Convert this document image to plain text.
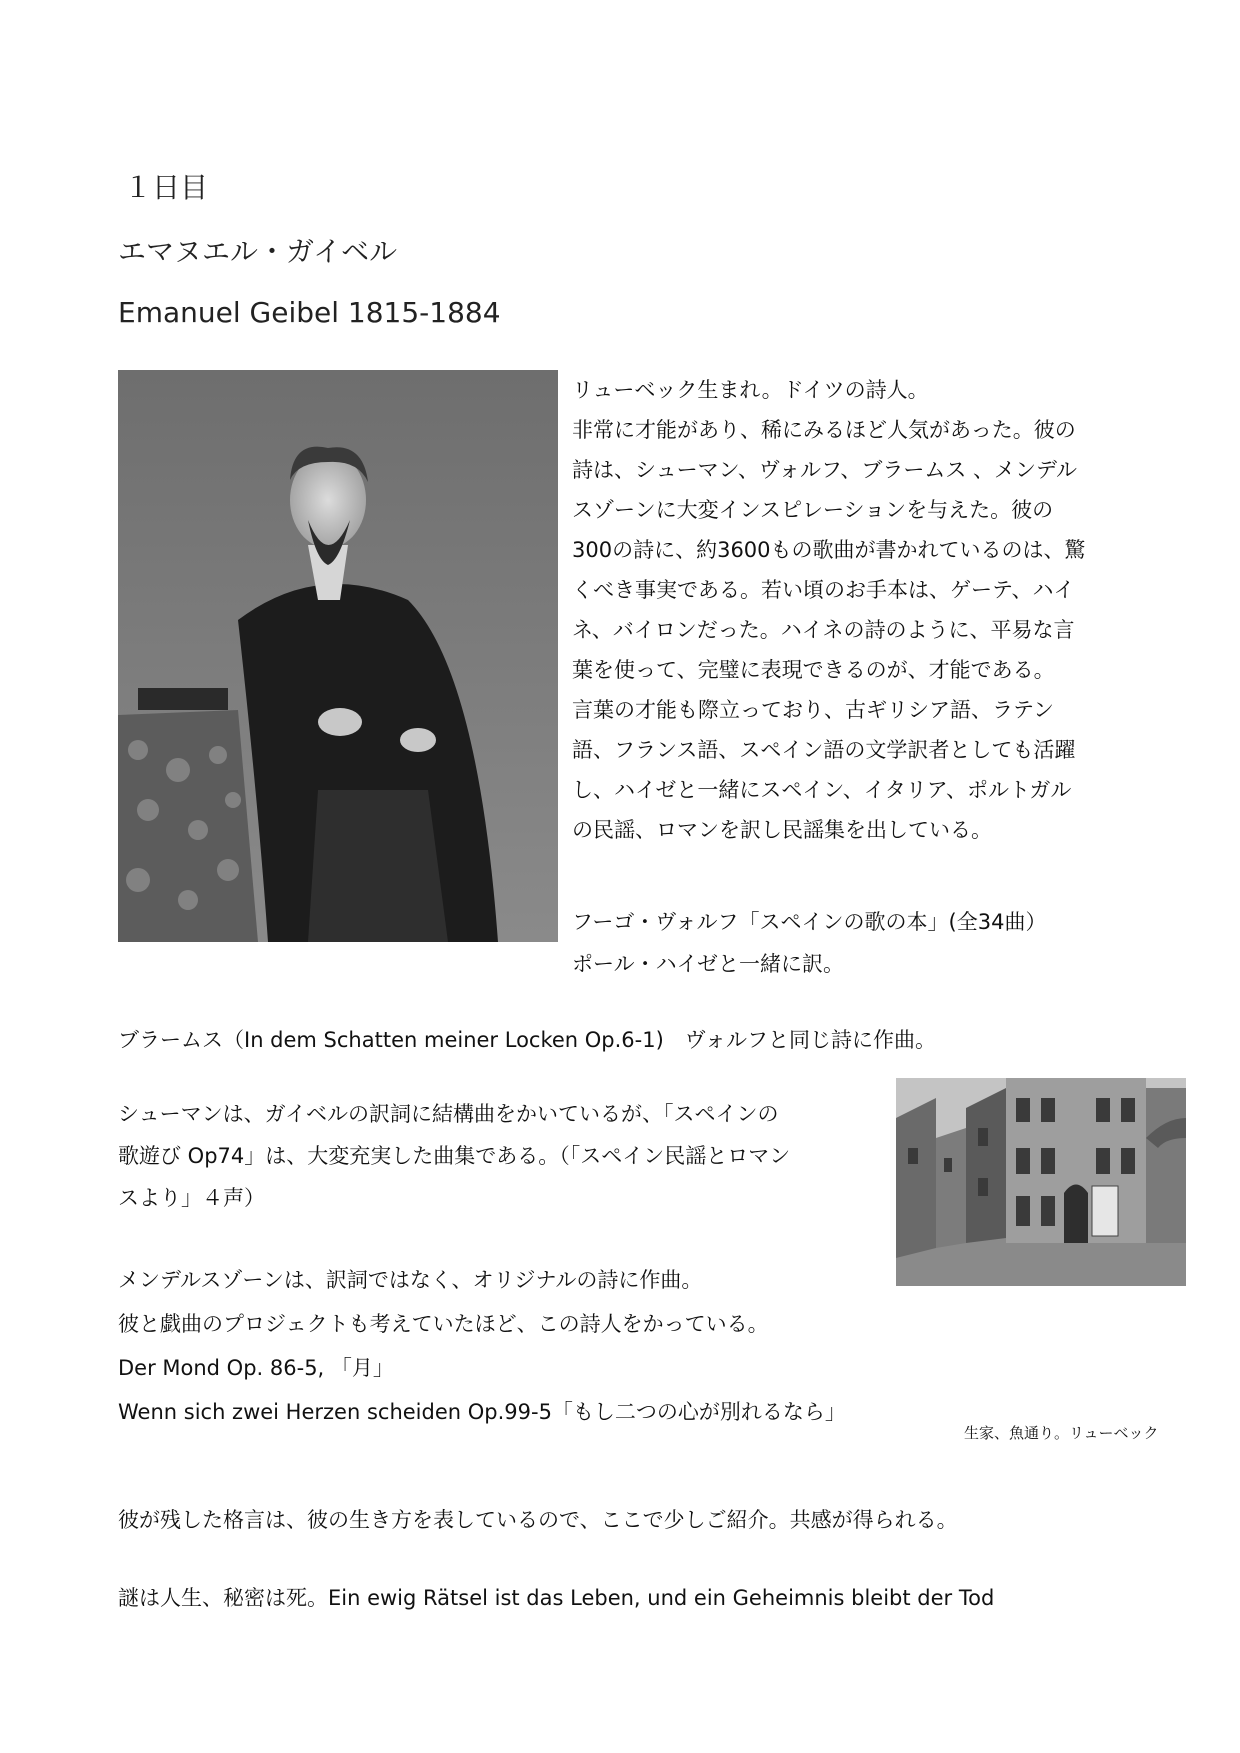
１日目
エマヌエル・ガイベル
Emanuel Geibel 1815-1884
リューベック生まれ。ドイツの詩人。
非常に才能があり、稀にみるほど人気があった。彼の
詩は、シューマン、ヴォルフ、ブラームス 、メンデル
スゾーンに大変インスピレーションを与えた。彼の
300の詩に、約3600もの歌曲が書かれているのは、驚
くべき事実である。若い頃のお手本は、ゲーテ、ハイ
ネ、バイロンだった。ハイネの詩のように、平易な言
葉を使って、完璧に表現できるのが、才能である。
言葉の才能も際立っており、古ギリシア語、ラテン
語、フランス語、スペイン語の文学訳者としても活躍
し、ハイゼと一緒にスペイン、イタリア、ポルトガル
の民謡、ロマンを訳し民謡集を出している。
フーゴ・ヴォルフ「スペインの歌の本」(全34曲）
ポール・ハイゼと一緒に訳。
ブラームス（In dem Schatten meiner Locken Op.6-1)　ヴォルフと同じ詩に作曲。
シューマンは、ガイベルの訳詞に結構曲をかいているが、「スペインの
歌遊び Op74」は、大変充実した曲集である。（「スペイン民謡とロマン
スより」４声）
メンデルスゾーンは、訳詞ではなく、オリジナルの詩に作曲。
彼と戯曲のプロジェクトも考えていたほど、この詩人をかっている。
Der Mond Op. 86-5, 「月」
Wenn sich zwei Herzen scheiden Op.99-5「もし二つの心が別れるなら」
生家、魚通り。リューベック
彼が残した格言は、彼の生き方を表しているので、ここで少しご紹介。共感が得られる。
謎は人生、秘密は死。Ein ewig Rätsel ist das Leben, und ein Geheimnis bleibt der Tod
